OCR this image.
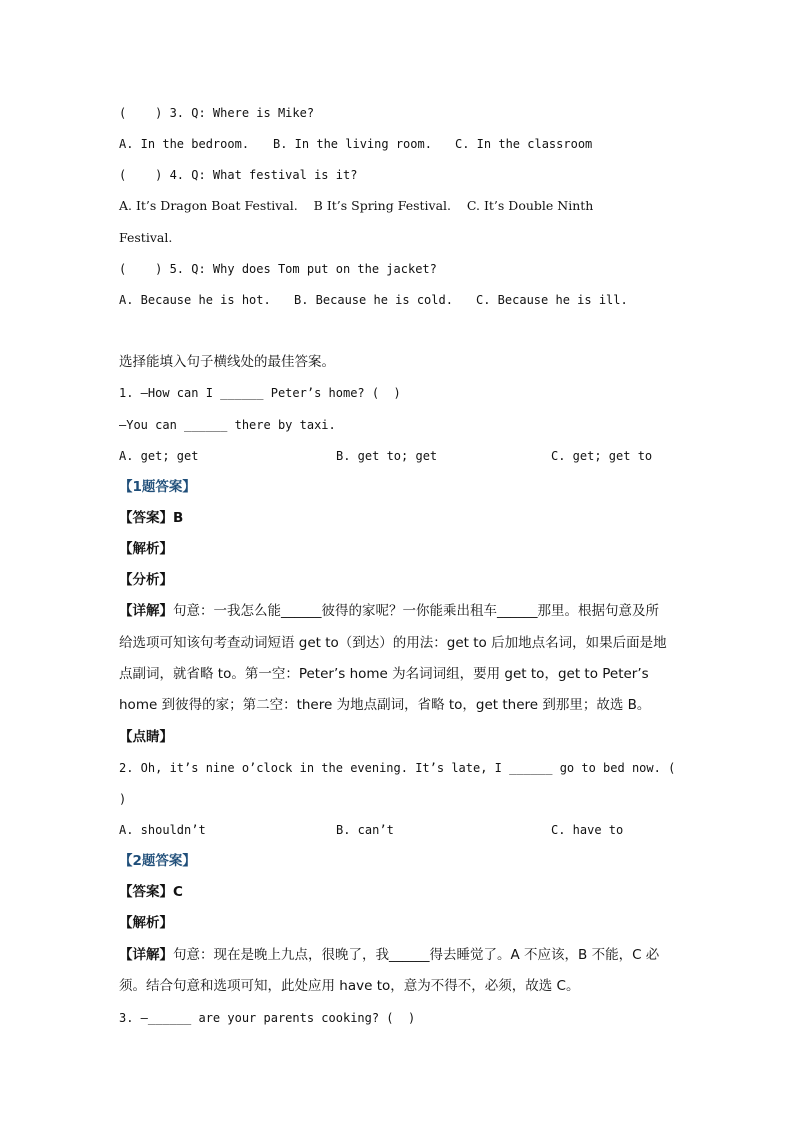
(    ) 3. Q: Where is Mike?
A. In the bedroom. B. In the living room. C. In the classroom
(    ) 4. Q: What festival is it?
A. It’s Dragon Boat Festival.    B It’s Spring Festival.    C. It’s Double Ninth
Festival.
(    ) 5. Q: Why does Tom put on the jacket?
A. Because he is hot. B. Because he is cold. C. Because he is ill.
选择能填入句子横线处的最佳答案。
1. —How can I ______ Peter’s home? (  )
—You can ______ there by taxi.
A. get; get	B. get to; get	C. get; get to
【1题答案】
【答案】B
【解析】
【分析】
【详解】句意：一我怎么能______彼得的家呢？一你能乘出租车______那里。根据句意及所
给选项可知该句考查动词短语 get to（到达）的用法：get to 后加地点名词，如果后面是地
点副词，就省略 to。第一空：Peter’s home 为名词词组，要用 get to，get to Peter’s
home 到彼得的家；第二空：there 为地点副词，省略 to，get there 到那里；故选 B。
【点睛】
2. Oh, it’s nine o’clock in the evening. It’s late, I ______ go to bed now. (
)
A. shouldn’t	B. can’t	C. have to
【2题答案】
【答案】C
【解析】
【详解】句意：现在是晚上九点，很晚了，我______得去睡觉了。A 不应该，B 不能，C 必
须。结合句意和选项可知，此处应用 have to，意为不得不，必须，故选 C。
3. —______ are your parents cooking? (  )
